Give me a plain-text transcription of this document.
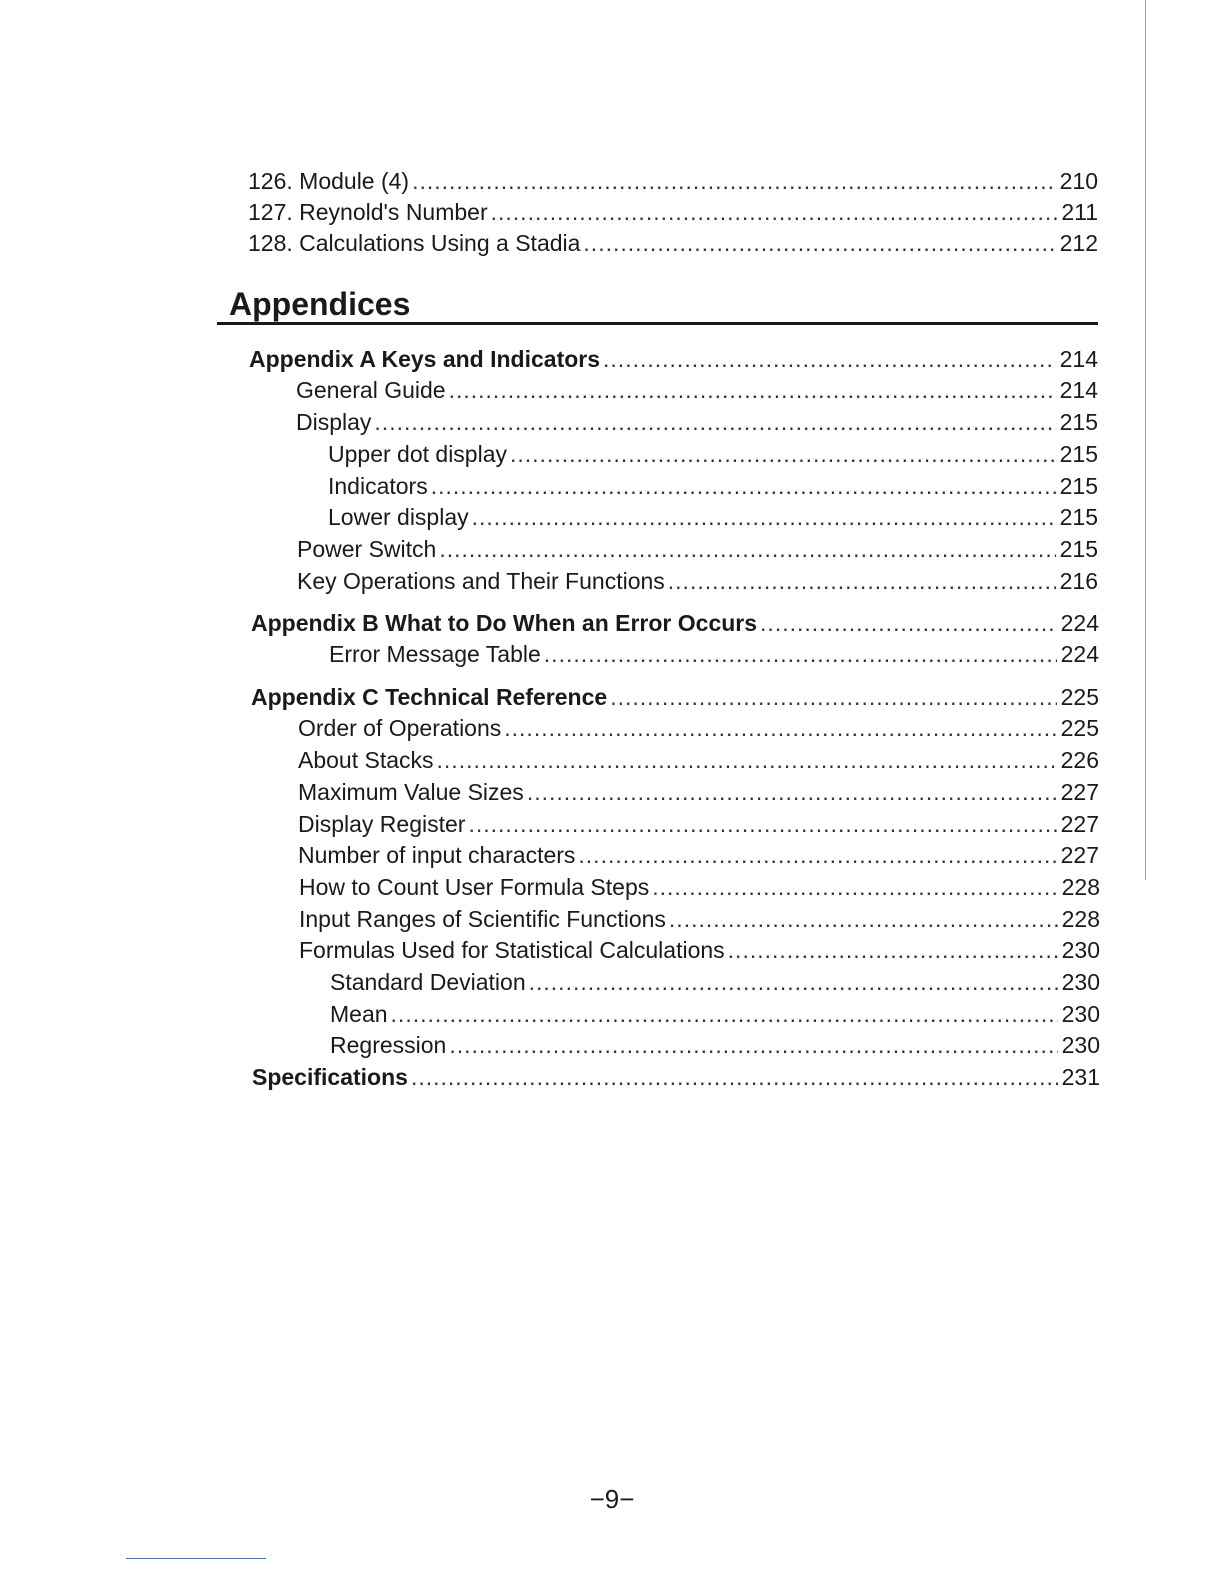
126. Module (4) .....	210
127. Reynold's Number .....	211
128. Calculations Using a Stadia .....	212
Appendices
Appendix A Keys and Indicators .....	214
General Guide .....	214
Display .....	215
Upper dot display .....	215
Indicators .....	215
Lower display .....	215
Power Switch .....	215
Key Operations and Their Functions .....	216
Appendix B What to Do When an Error Occurs .....	224
Error Message Table .....	224
Appendix C Technical Reference .....	225
Order of Operations .....	225
About Stacks .....	226
Maximum Value Sizes .....	227
Display Register .....	227
Number of input characters .....	227
How to Count User Formula Steps .....	228
Input Ranges of Scientific Functions .....	228
Formulas Used for Statistical Calculations .....	230
Standard Deviation .....	230
Mean .....	230
Regression .....	230
Specifications .....	231
−9−
